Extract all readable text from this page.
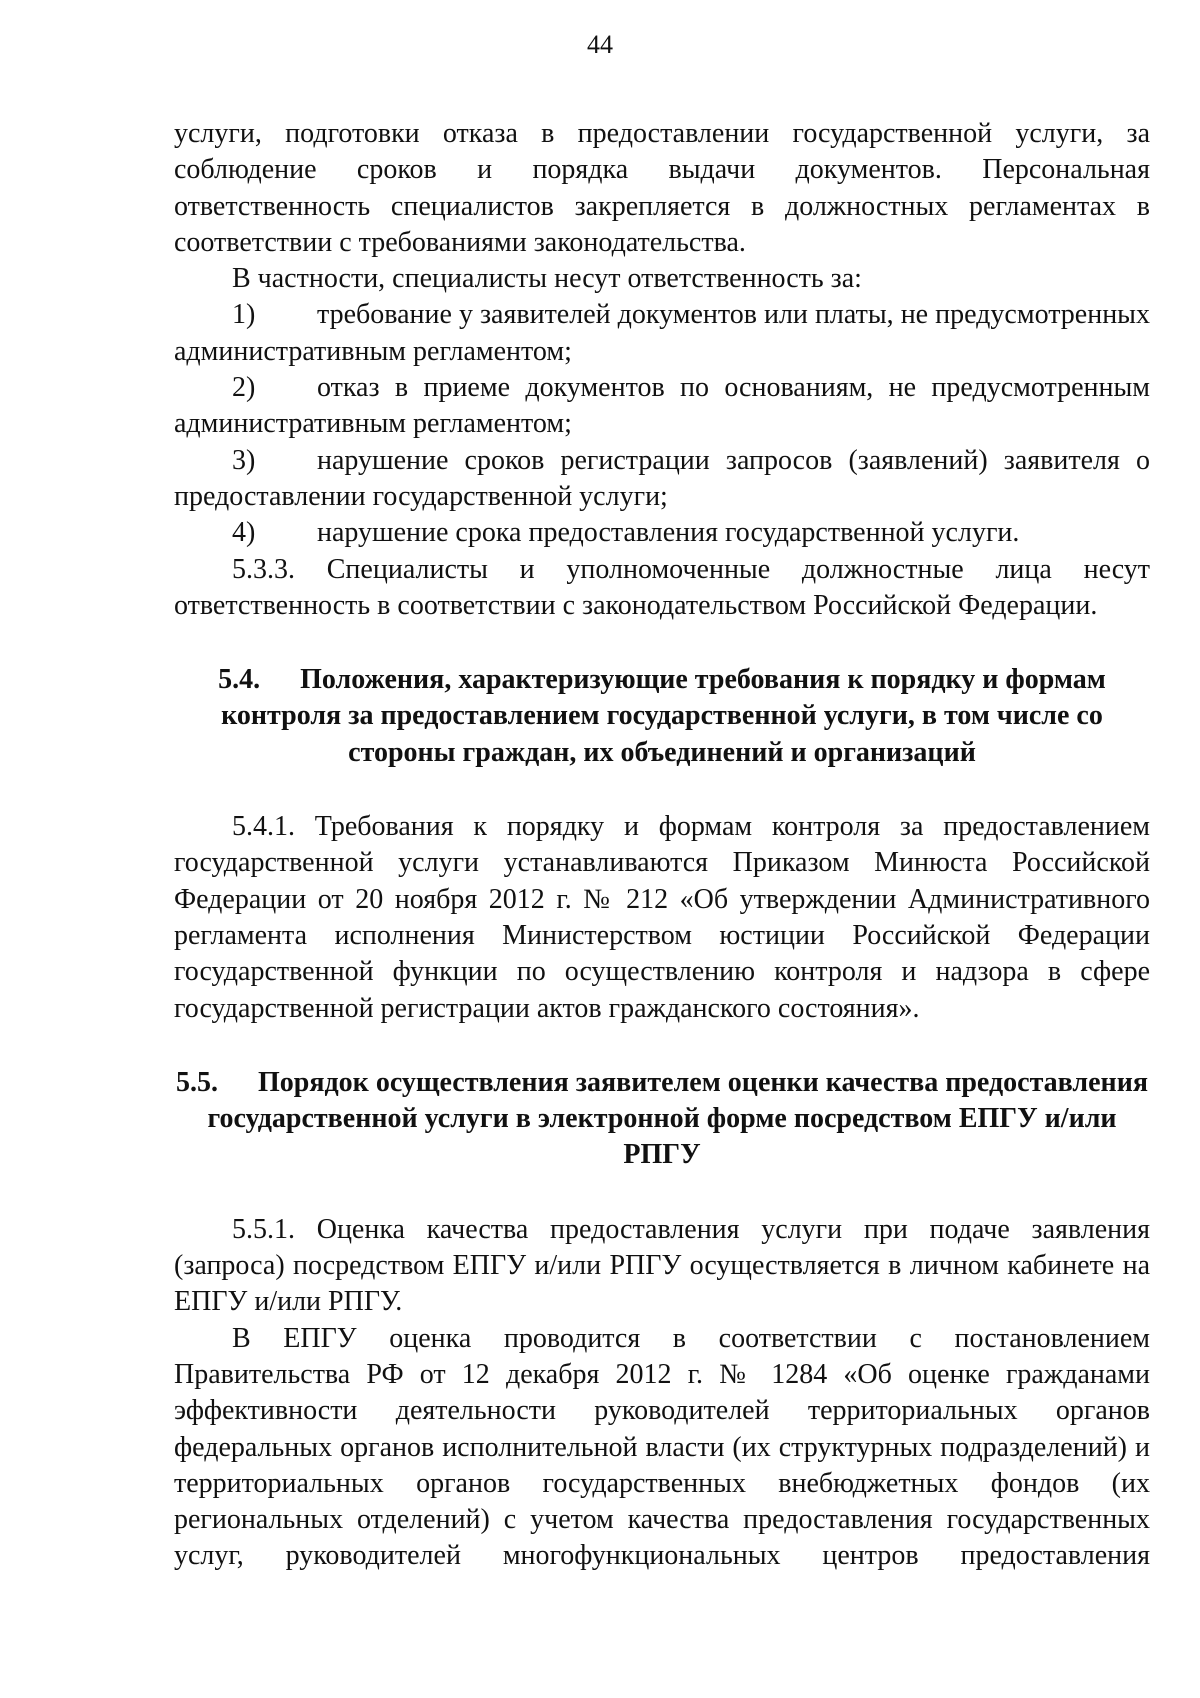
44

услуги, подготовки отказа в предоставлении государственной услуги, за соблюдение сроков и порядка выдачи документов. Персональная ответственность специалистов закрепляется в должностных регламентах в соответствии с требованиями законодательства.

В частности, специалисты несут ответственность за:

1) требование у заявителей документов или платы, не предусмотренных административным регламентом;

2) отказ в приеме документов по основаниям, не предусмотренным административным регламентом;

3) нарушение сроков регистрации запросов (заявлений) заявителя о предоставлении государственной услуги;

4) нарушение срока предоставления государственной услуги.

5.3.3. Специалисты и уполномоченные должностные лица несут ответственность в соответствии с законодательством Российской Федерации.

5.4. Положения, характеризующие требования к порядку и формам контроля за предоставлением государственной услуги, в том числе со стороны граждан, их объединений и организаций

5.4.1. Требования к порядку и формам контроля за предоставлением государственной услуги устанавливаются Приказом Минюста Российской Федерации от 20 ноября 2012 г. № 212 «Об утверждении Административного регламента исполнения Министерством юстиции Российской Федерации государственной функции по осуществлению контроля и надзора в сфере государственной регистрации актов гражданского состояния».

5.5. Порядок осуществления заявителем оценки качества предоставления государственной услуги в электронной форме посредством ЕПГУ и/или РПГУ

5.5.1. Оценка качества предоставления услуги при подаче заявления (запроса) посредством ЕПГУ и/или РПГУ осуществляется в личном кабинете на ЕПГУ и/или РПГУ.

В ЕПГУ оценка проводится в соответствии с постановлением Правительства РФ от 12 декабря 2012 г. № 1284 «Об оценке гражданами эффективности деятельности руководителей территориальных органов федеральных органов исполнительной власти (их структурных подразделений) и территориальных органов государственных внебюджетных фондов (их региональных отделений) с учетом качества предоставления государственных услуг, руководителей многофункциональных центров предоставления
